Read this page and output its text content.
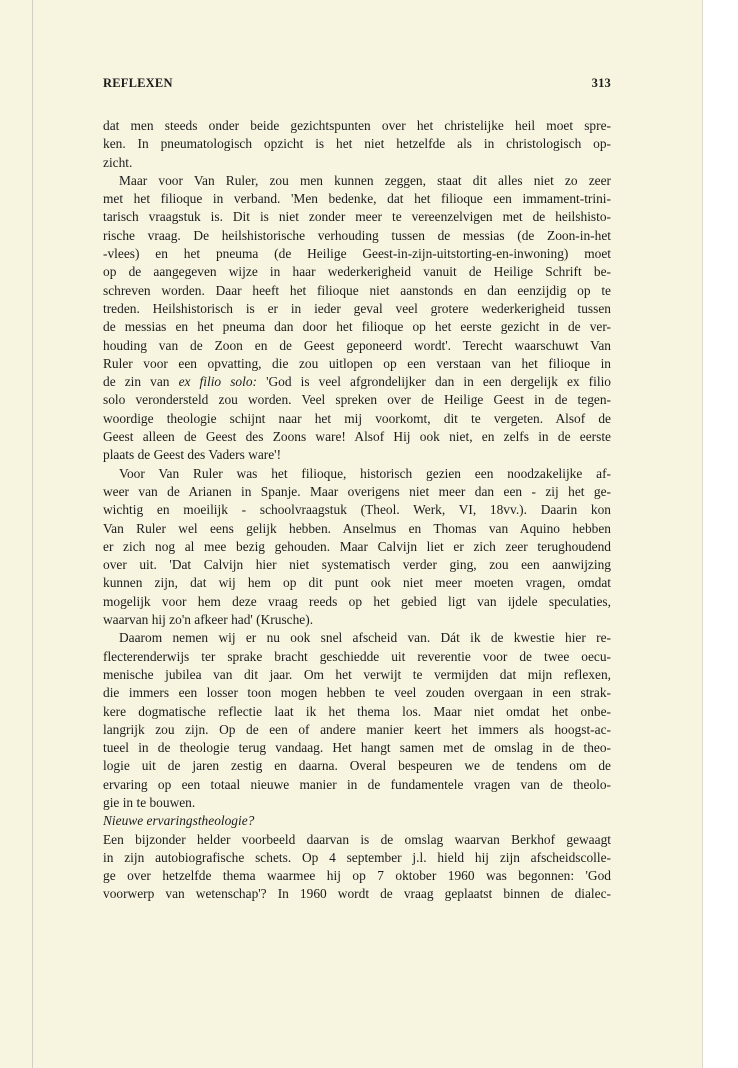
REFLEXEN	313

dat men steeds onder beide gezichtspunten over het christelijke heil moet spre-
ken. In pneumatologisch opzicht is het niet hetzelfde als in christologisch op-
zicht.

Maar voor Van Ruler, zou men kunnen zeggen, staat dit alles niet zo zeer
met het filioque in verband. 'Men bedenke, dat het filioque een immament-trini-
tarisch vraagstuk is. Dit is niet zonder meer te vereenzelvigen met de heilshisto-
rische vraag. De heilshistorische verhouding tussen de messias (de Zoon-in-het
-vlees) en het pneuma (de Heilige Geest-in-zijn-uitstorting-en-inwoning) moet
op de aangegeven wijze in haar wederkerigheid vanuit de Heilige Schrift be-
schreven worden. Daar heeft het filioque niet aanstonds en dan eenzijdig op te
treden. Heilshistorisch is er in ieder geval veel grotere wederkerigheid tussen
de messias en het pneuma dan door het filioque op het eerste gezicht in de ver-
houding van de Zoon en de Geest geponeerd wordt'. Terecht waarschuwt Van
Ruler voor een opvatting, die zou uitlopen op een verstaan van het filioque in
de zin van ex filio solo: 'God is veel afgrondelijker dan in een dergelijk ex filio
solo verondersteld zou worden. Veel spreken over de Heilige Geest in de tegen-
woordige theologie schijnt naar het mij voorkomt, dit te vergeten. Alsof de
Geest alleen de Geest des Zoons ware! Alsof Hij ook niet, en zelfs in de eerste
plaats de Geest des Vaders ware'!

Voor Van Ruler was het filioque, historisch gezien een noodzakelijke af-
weer van de Arianen in Spanje. Maar overigens niet meer dan een - zij het ge-
wichtig en moeilijk - schoolvraagstuk (Theol. Werk, VI, 18vv.). Daarin kon
Van Ruler wel eens gelijk hebben. Anselmus en Thomas van Aquino hebben
er zich nog al mee bezig gehouden. Maar Calvijn liet er zich zeer terughoudend
over uit. 'Dat Calvijn hier niet systematisch verder ging, zou een aanwijzing
kunnen zijn, dat wij hem op dit punt ook niet meer moeten vragen, omdat
mogelijk voor hem deze vraag reeds op het gebied ligt van ijdele speculaties,
waarvan hij zo'n afkeer had' (Krusche).

Daarom nemen wij er nu ook snel afscheid van. Dát ik de kwestie hier re-
flecterenderwijs ter sprake bracht geschiedde uit reverentie voor de twee oecu-
menische jubilea van dit jaar. Om het verwijt te vermijden dat mijn reflexen,
die immers een losser toon mogen hebben te veel zouden overgaan in een strak-
kere dogmatische reflectie laat ik het thema los. Maar niet omdat het onbe-
langrijk zou zijn. Op de een of andere manier keert het immers als hoogst-ac-
tueel in de theologie terug vandaag. Het hangt samen met de omslag in de theo-
logie uit de jaren zestig en daarna. Overal bespeuren we de tendens om de
ervaring op een totaal nieuwe manier in de fundamentele vragen van de theolo-
gie in te bouwen.

Nieuwe ervaringstheologie?

Een bijzonder helder voorbeeld daarvan is de omslag waarvan Berkhof gewaagt
in zijn autobiografische schets. Op 4 september j.l. hield hij zijn afscheidscolle-
ge over hetzelfde thema waarmee hij op 7 oktober 1960 was begonnen: 'God
voorwerp van wetenschap'? In 1960 wordt de vraag geplaatst binnen de dialec-
